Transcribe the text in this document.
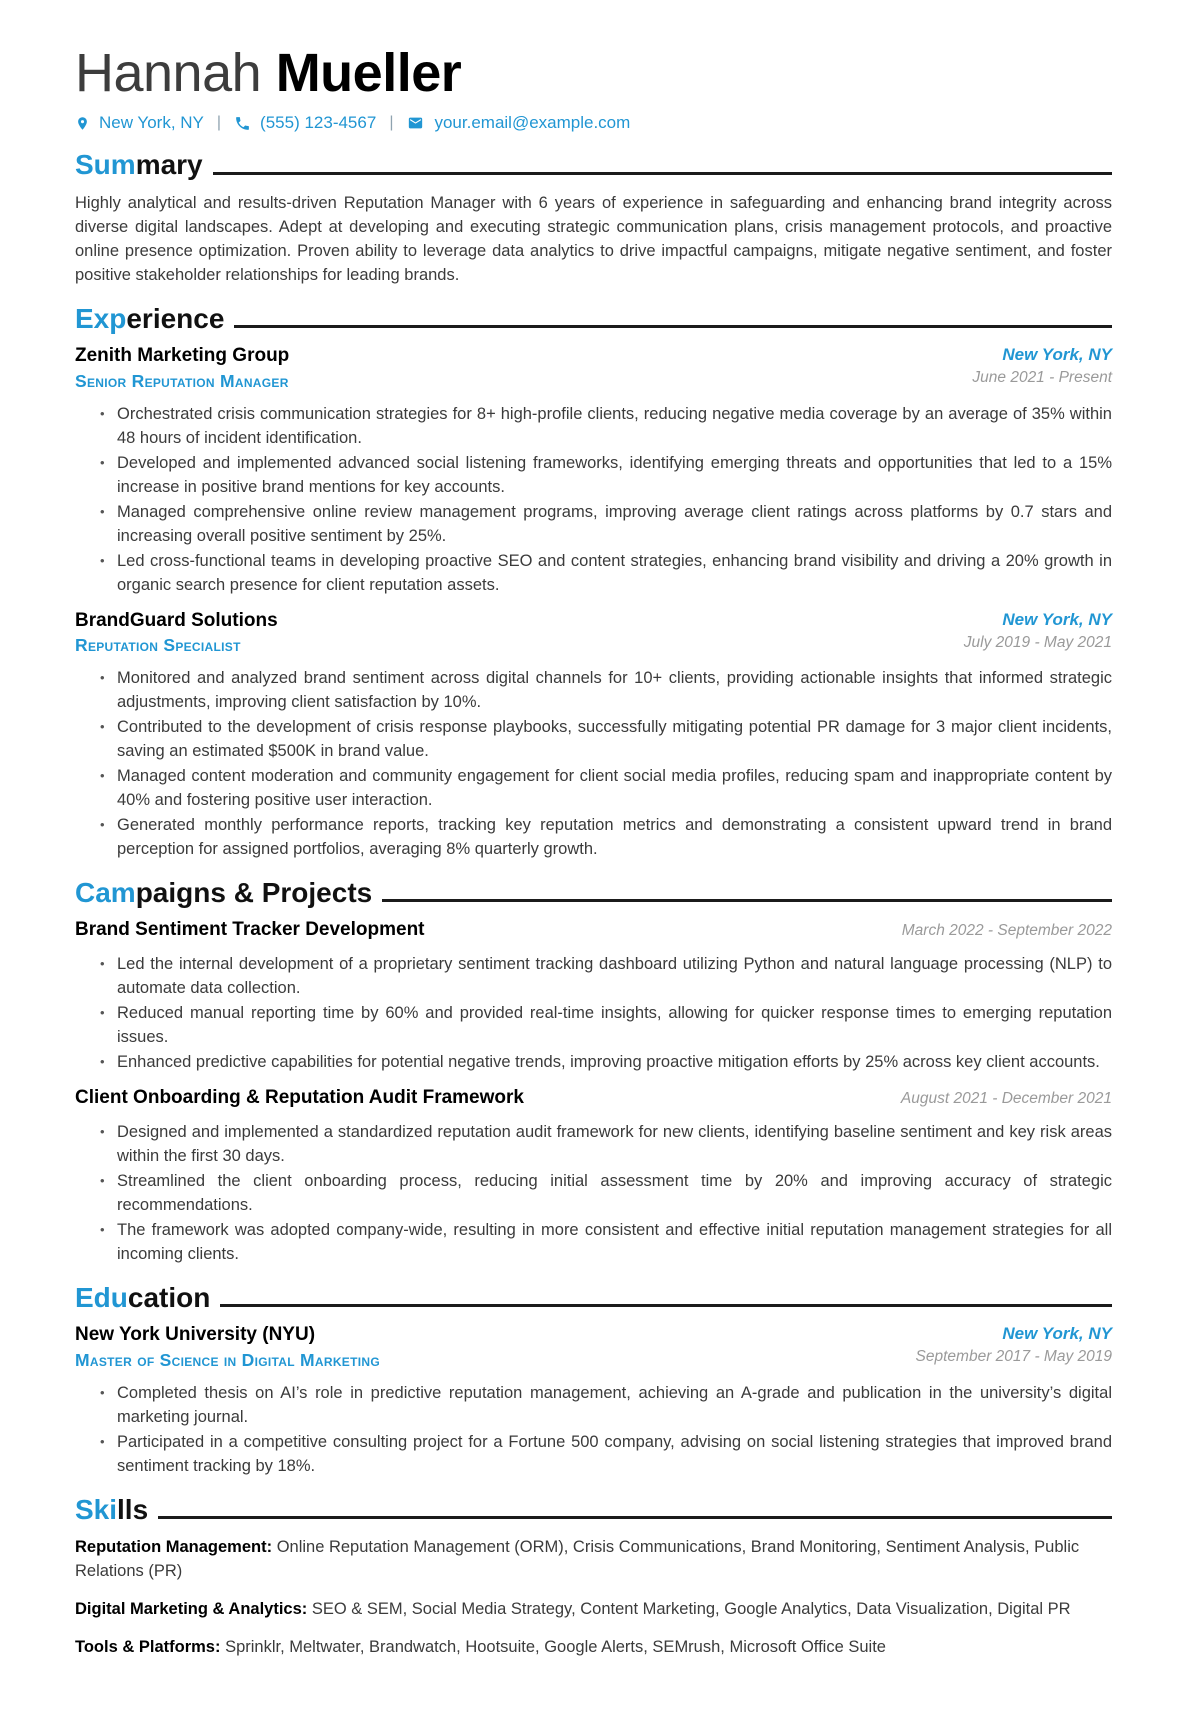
Hannah Mueller
New York, NY | (555) 123-4567 | your.email@example.com
Sum mary

Highly analytical and results-driven Reputation Manager with 6 years of experience in safeguarding and enhancing brand integrity across diverse digital landscapes. Adept at developing and executing strategic communication plans, crisis management protocols, and proactive online presence optimization. Proven ability to leverage data analytics to drive impactful campaigns, mitigate negative sentiment, and foster positive stakeholder relationships for leading brands.

Exp erience
Zenith Marketing Group
Senior Reputation Manager
New York, NY
June 2021 - Present
• Orchestrated crisis communication strategies for 8+ high-profile clients, reducing negative media coverage by an average of 35% within 48 hours of incident identification.
• Developed and implemented advanced social listening frameworks, identifying emerging threats and opportunities that led to a 15% increase in positive brand mentions for key accounts.
• Managed comprehensive online review management programs, improving average client ratings across platforms by 0.7 stars and increasing overall positive sentiment by 25%.
• Led cross-functional teams in developing proactive SEO and content strategies, enhancing brand visibility and driving a 20% growth in organic search presence for client reputation assets.
BrandGuard Solutions
Reputation Specialist
New York, NY
July 2019 - May 2021
• Monitored and analyzed brand sentiment across digital channels for 10+ clients, providing actionable insights that informed strategic adjustments, improving client satisfaction by 10%.
• Contributed to the development of crisis response playbooks, successfully mitigating potential PR damage for 3 major client incidents, saving an estimated $500K in brand value.
• Managed content moderation and community engagement for client social media profiles, reducing spam and inappropriate content by 40% and fostering positive user interaction.
• Generated monthly performance reports, tracking key reputation metrics and demonstrating a consistent upward trend in brand perception for assigned portfolios, averaging 8% quarterly growth.
Cam paigns & Projects
Brand Sentiment Tracker Development	March 2022 - September 2022
• Led the internal development of a proprietary sentiment tracking dashboard utilizing Python and natural language processing (NLP) to automate data collection.
• Reduced manual reporting time by 60% and provided real-time insights, allowing for quicker response times to emerging reputation issues.
• Enhanced predictive capabilities for potential negative trends, improving proactive mitigation efforts by 25% across key client accounts.
Client Onboarding & Reputation Audit Framework	August 2021 - December 2021
• Designed and implemented a standardized reputation audit framework for new clients, identifying baseline sentiment and key risk areas within the first 30 days.
• Streamlined the client onboarding process, reducing initial assessment time by 20% and improving accuracy of strategic recommendations.
• The framework was adopted company-wide, resulting in more consistent and effective initial reputation management strategies for all incoming clients.
Edu cation
New York University (NYU)
Master of Science in Digital Marketing
New York, NY
September 2017 - May 2019
• Completed thesis on AI’s role in predictive reputation management, achieving an A-grade and publication in the university’s digital marketing journal.
• Participated in a competitive consulting project for a Fortune 500 company, advising on social listening strategies that improved brand sentiment tracking by 18%.
Ski lls

Reputation Management: Online Reputation Management (ORM), Crisis Communications, Brand Monitoring, Sentiment Analysis, Public Relations (PR)

Digital Marketing & Analytics: SEO & SEM, Social Media Strategy, Content Marketing, Google Analytics, Data Visualization, Digital PR

Tools & Platforms: Sprinklr, Meltwater, Brandwatch, Hootsuite, Google Alerts, SEMrush, Microsoft Office Suite
